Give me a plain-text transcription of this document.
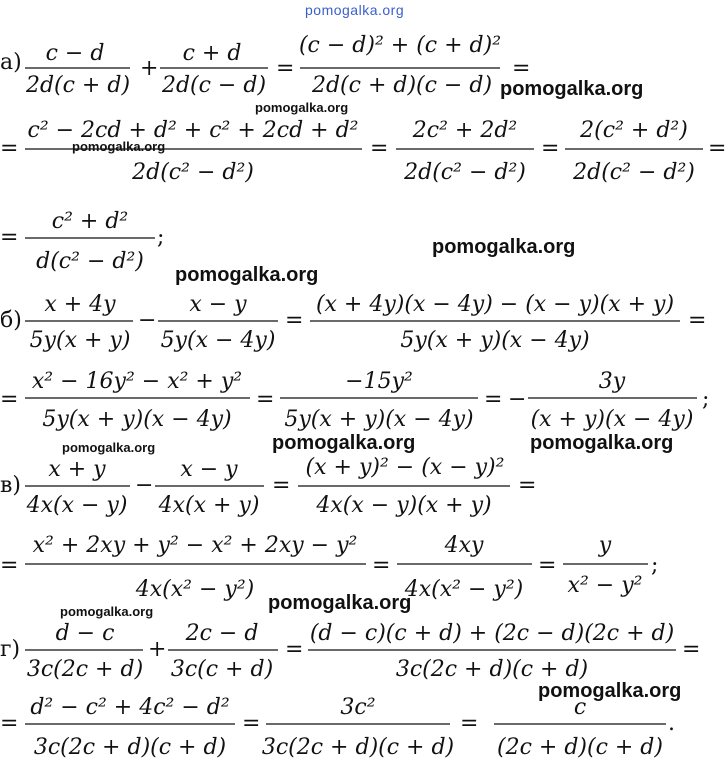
pomogalka.org
а) c − d
2d(c + d)
+
c + d
2d(c − d)
=
(c − d)² + (c + d)²
2d(c + d)(c − d)
=
pomogalka.org
=
c² − 2cd + d² + c² + 2cd + d²
2d(c² − d²)
=
2c² + 2d²
2d(c² − d²)
=
2(c² + d²)
2d(c² − d²)
=
pomogalka.org
pomogalka.org
=
c² + d²
d(c² − d²)
;	pomogalka.org
pomogalka.org
б)
x + 4y
5y(x + y)
−
x − y
5y(x − 4y)
=
(x + 4y)(x − 4y) − (x − y)(x + y)
5y(x + y)(x − 4y)
=
=
x² − 16y² − x² + y²
5y(x + y)(x − 4y)
=
−15y²
5y(x + y)(x − 4y)
= −
3y
(x + y)(x − 4y)
;
pomogalka.org	pomogalka.org	pomogalka.org
в)
x + y
4x(x − y)
−
x − y
4x(x + y)
=
(x + y)² − (x − y)²
4x(x − y)(x + y)
=
=
x² + 2xy + y² − x² + 2xy − y²
4x(x² − y²)
=
4xy
4x(x² − y²)
=
y
x² − y²
;
pomogalka.org
pomogalka.org
г)
d − c
3c(2c + d)
+
2c − d
3c(c + d)
=
(d − c)(c + d) + (2c − d)(2c + d)
3c(2c + d)(c + d)
=
pomogalka.org
=
d² − c² + 4c² − d²
3c(2c + d)(c + d)
=
3c²
3c(2c + d)(c + d)
=
c
(2c + d)(c + d)
.
